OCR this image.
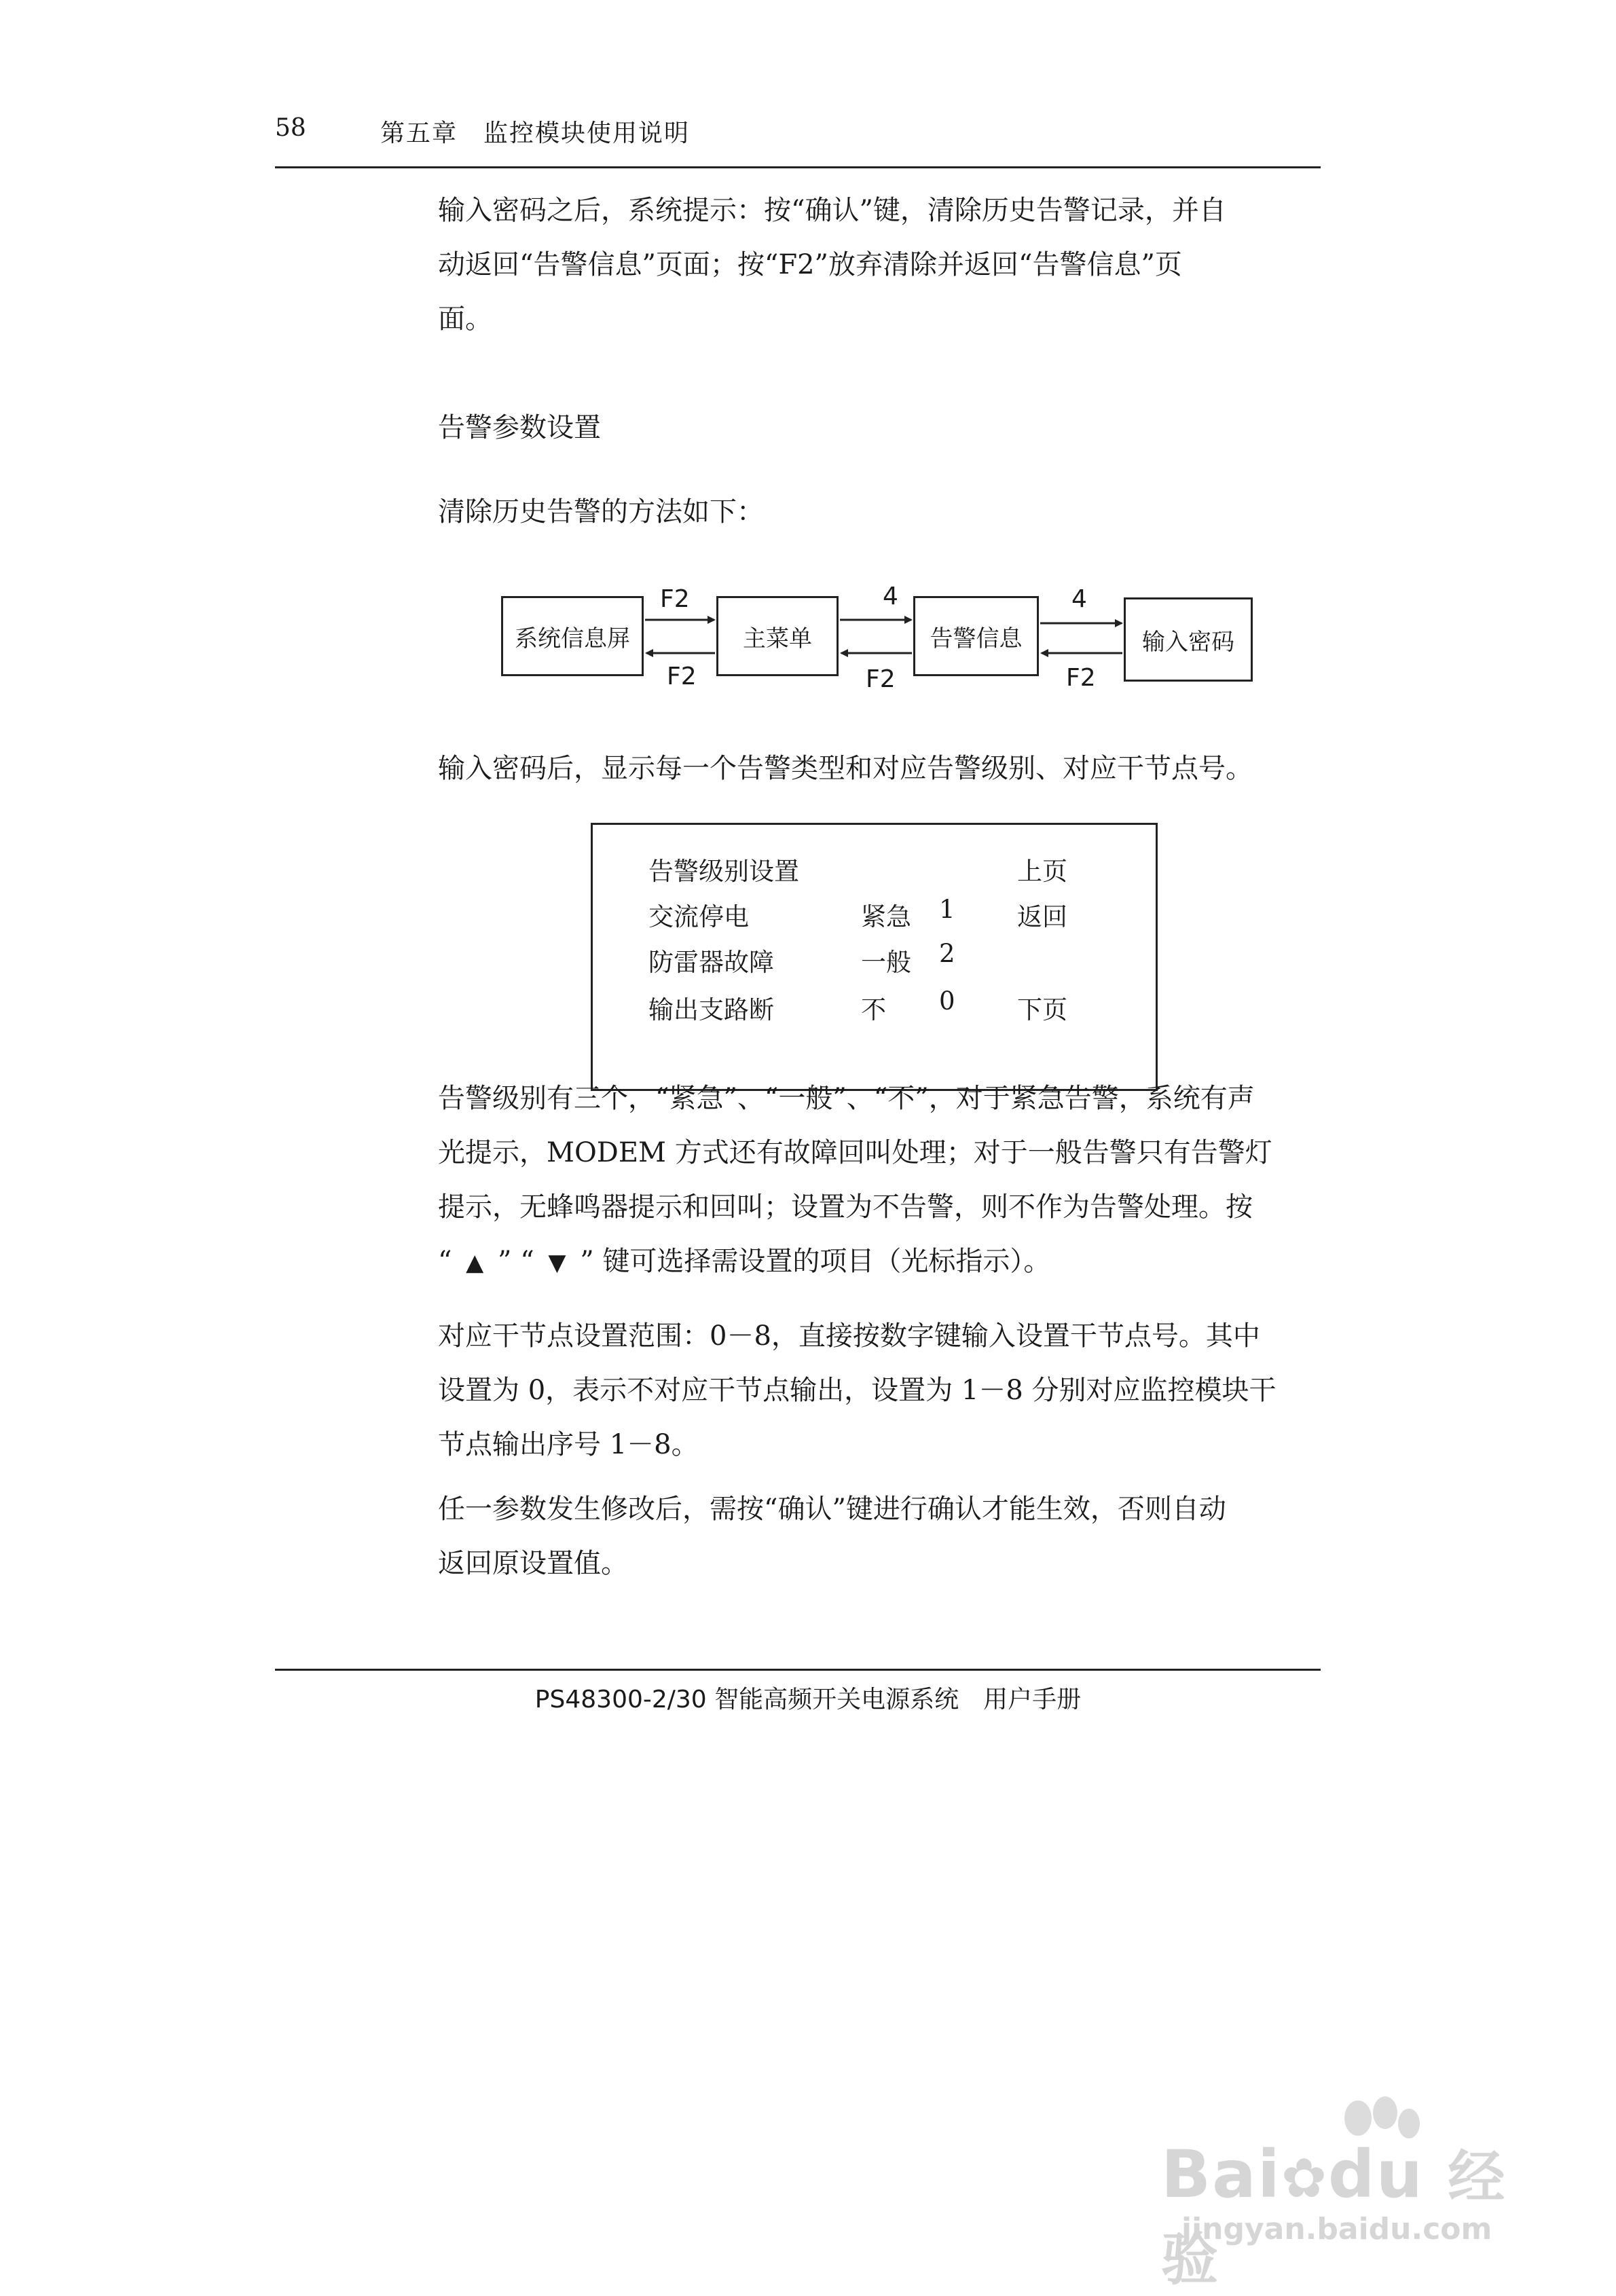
58	第五章　监控模块使用说明

输入密码之后，系统提示：按“确认”键，清除历史告警记录，并自

动返回“告警信息”页面；按“F2”放弃清除并返回“告警信息”页

面。

告警参数设置
清除历史告警的方法如下：
系统信息屏	主菜单	告警信息	输入密码
F2
F2
4
F2
4
F2
输入密码后，显示每一个告警类型和对应告警级别、对应干节点号。
告警级别设置	上页
交流停电	紧急 1 返回
防雷器故障	一般 2
输出支路断	不 0 下页

告警级别有三个，“紧急”、“一般”、“不”，对于紧急告警，系统有声

光提示，MODEM 方式还有故障回叫处理；对于一般告警只有告警灯

提示，无蜂鸣器提示和回叫；设置为不告警，则不作为告警处理。按

“ ▲ ” “ ▼ ” 键可选择需设置的项目（光标指示）。

对应干节点设置范围：0－8，直接按数字键输入设置干节点号。其中

设置为 0，表示不对应干节点输出，设置为 1－8 分别对应监控模块干

节点输出序号 1－8。

任一参数发生修改后，需按“确认”键进行确认才能生效，否则自动

返回原设置值。

PS48300-2/30 智能高频开关电源系统　用户手册
Bai✿du 经验
jingyan.baidu.com
